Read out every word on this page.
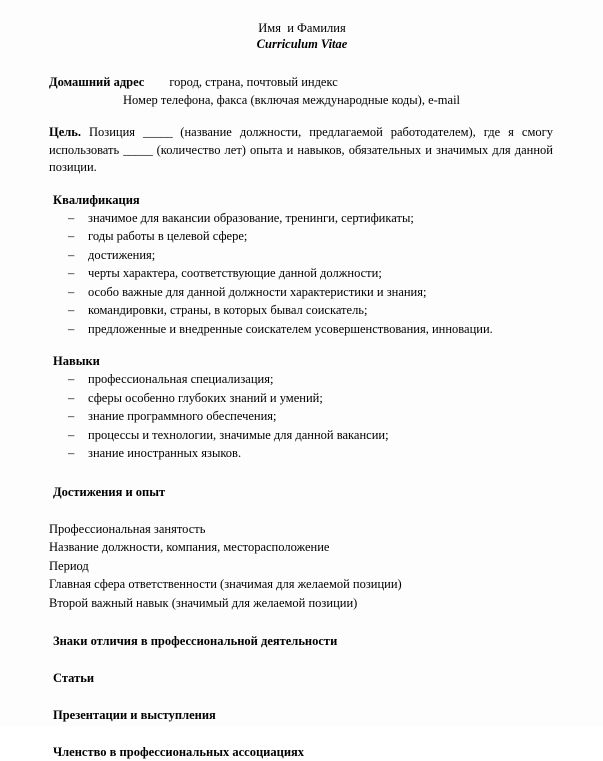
Имя  и Фамилия
Curriculum Vitae
Домашний адрес город, страна, почтовый индекс
Номер телефона, факса (включая международные коды), e-mail

Цель. Позиция _____ (название должности, предлагаемой работодателем), где я смогу использовать _____ (количество лет) опыта и навыков, обязательных и значимых для данной позиции.

Квалификация
– значимое для вакансии образование, тренинги, сертификаты;
– годы работы в целевой сфере;
– достижения;
– черты характера, соответствующие данной должности;
– особо важные для данной должности характеристики и знания;
– командировки, страны, в которых бывал соискатель;
– предложенные и внедренные соискателем усовершенствования, инновации.
Навыки
– профессиональная специализация;
– сферы особенно глубоких знаний и умений;
– знание программного обеспечения;
– процессы и технологии, значимые для данной вакансии;
– знание иностранных языков.
Достижения и опыт
Профессиональная занятость
Название должности, компания, месторасположение
Период
Главная сфера ответственности (значимая для желаемой позиции)
Второй важный навык (значимый для желаемой позиции)
Знаки отличия в профессиональной деятельности
Статьи
Презентации и выступления
Членство в профессиональных ассоциациях
